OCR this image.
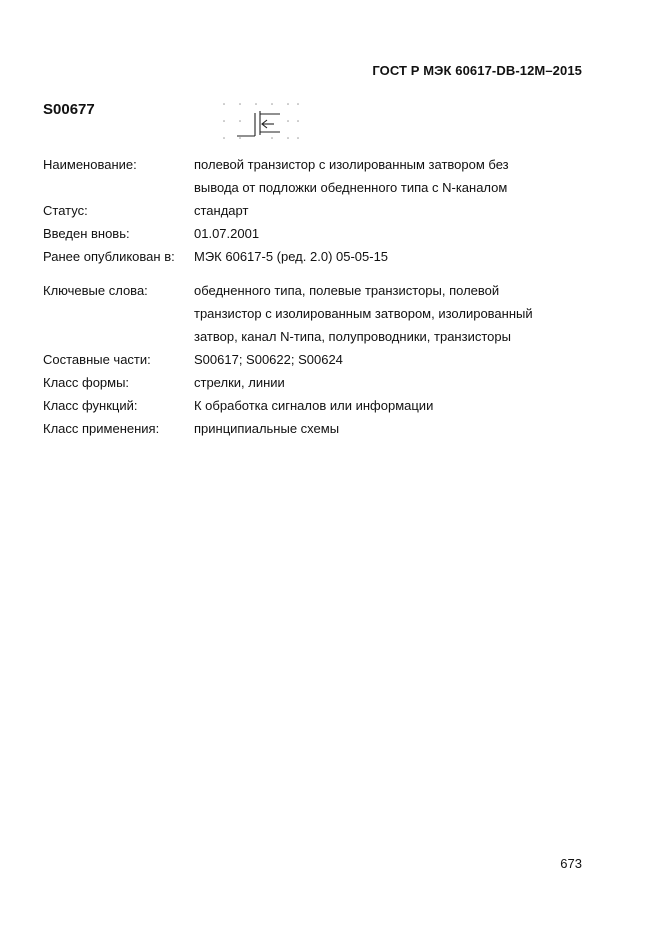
ГОСТ Р МЭК 60617-DB-12M–2015
S00677
Наименование:	полевой транзистор с изолированным затвором без
вывода от подложки обедненного типа с N-каналом
Статус:	стандарт
Введен вновь:	01.07.2001
Ранее опубликован в: МЭК 60617-5 (ред. 2.0) 05-05-15
Ключевые слова:	обедненного типа, полевые транзисторы, полевой
транзистор с изолированным затвором, изолированный
затвор, канал N-типа, полупроводники, транзисторы
Составные части:	S00617; S00622; S00624
Класс формы:	стрелки, линии
Класс функций:	К обработка сигналов или информации
Класс применения:	принципиальные схемы
673
